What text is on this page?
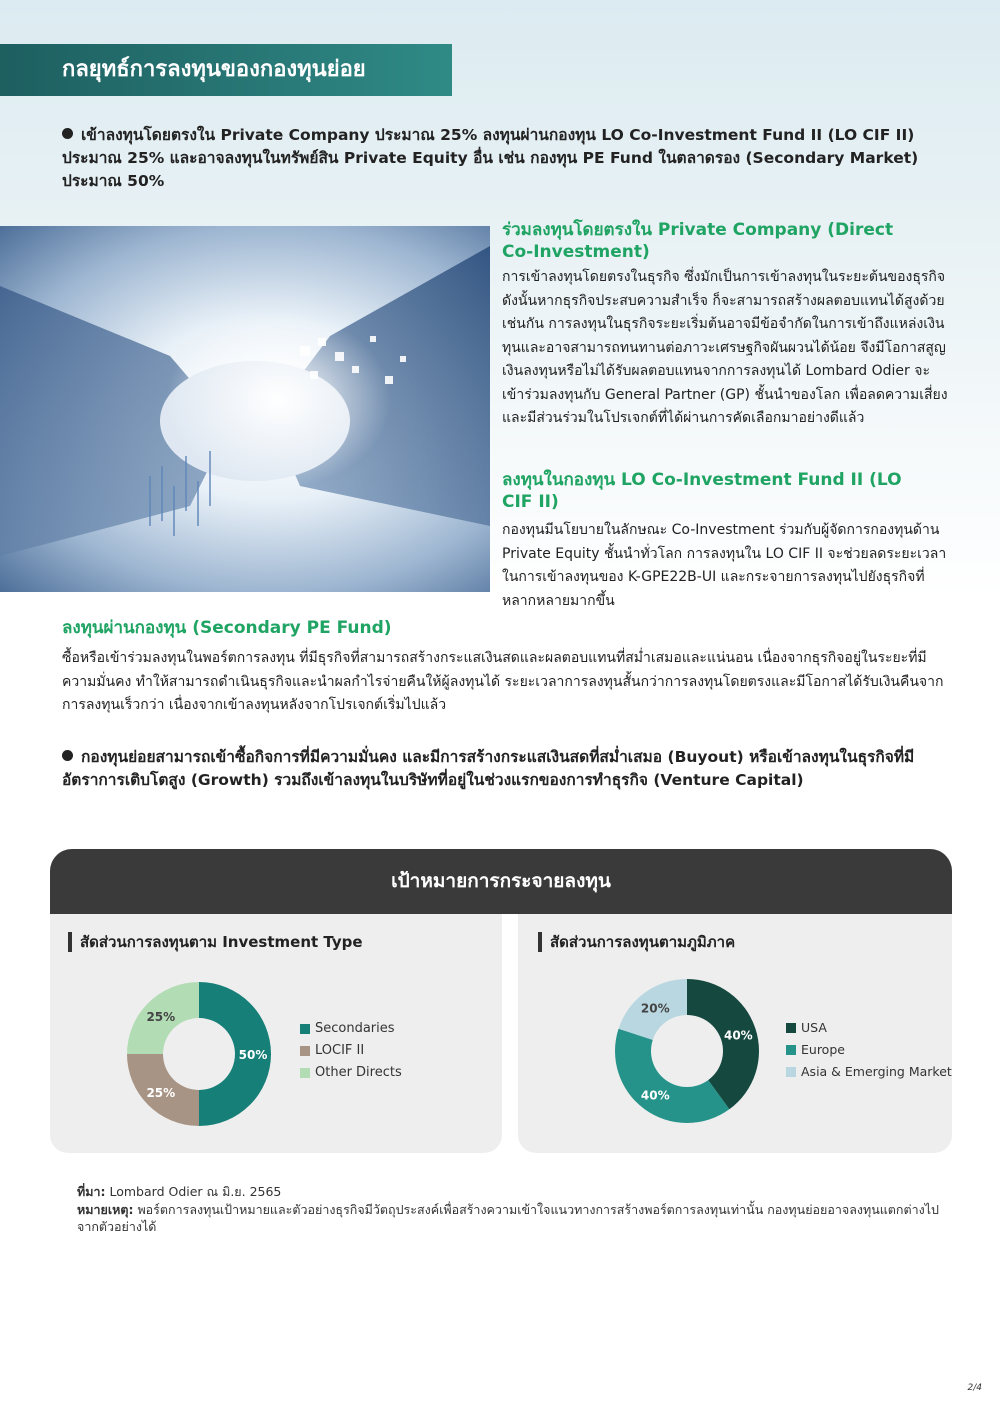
กลยุทธ์การลงทุนของกองทุนย่อย
เข้าลงทุนโดยตรงใน Private Company ประมาณ 25% ลงทุนผ่านกองทุน LO Co-Investment Fund II (LO CIF II) ประมาณ 25% และอาจลงทุนในทรัพย์สิน Private Equity อื่น เช่น กองทุน PE Fund ในตลาดรอง (Secondary Market) ประมาณ 50%
ร่วมลงทุนโดยตรงใน Private Company (Direct Co-Investment)
การเข้าลงทุนโดยตรงในธุรกิจ ซึ่งมักเป็นการเข้าลงทุนในระยะต้นของธุรกิจ ดังนั้นหากธุรกิจประสบความสำเร็จ ก็จะสามารถสร้างผลตอบแทนได้สูงด้วยเช่นกัน การลงทุนในธุรกิจระยะเริ่มต้นอาจมีข้อจำกัดในการเข้าถึงแหล่งเงินทุนและอาจสามารถทนทานต่อภาวะเศรษฐกิจผันผวนได้น้อย จึงมีโอกาสสูญเงินลงทุนหรือไม่ได้รับผลตอบแทนจากการลงทุนได้ Lombard Odier จะเข้าร่วมลงทุนกับ General Partner (GP) ชั้นนำของโลก เพื่อลดความเสี่ยงและมีส่วนร่วมในโปรเจกต์ที่ได้ผ่านการคัดเลือกมาอย่างดีแล้ว
ลงทุนในกองทุน LO Co-Investment Fund II (LO CIF II)
กองทุนมีนโยบายในลักษณะ Co-Investment ร่วมกับผู้จัดการกองทุนด้าน Private Equity ชั้นนำทั่วโลก การลงทุนใน LO CIF II จะช่วยลดระยะเวลาในการเข้าลงทุนของ K-GPE22B-UI และกระจายการลงทุนไปยังธุรกิจที่หลากหลายมากขึ้น
ลงทุนผ่านกองทุน (Secondary PE Fund)
ซื้อหรือเข้าร่วมลงทุนในพอร์ตการลงทุน ที่มีธุรกิจที่สามารถสร้างกระแสเงินสดและผลตอบแทนที่สม่ำเสมอและแน่นอน เนื่องจากธุรกิจอยู่ในระยะที่มีความมั่นคง ทำให้สามารถดำเนินธุรกิจและนำผลกำไรจ่ายคืนให้ผู้ลงทุนได้ ระยะเวลาการลงทุนสั้นกว่าการลงทุนโดยตรงและมีโอกาสได้รับเงินคืนจากการลงทุนเร็วกว่า เนื่องจากเข้าลงทุนหลังจากโปรเจกต์เริ่มไปแล้ว
กองทุนย่อยสามารถเข้าซื้อกิจการที่มีความมั่นคง และมีการสร้างกระแสเงินสดที่สม่ำเสมอ (Buyout) หรือเข้าลงทุนในธุรกิจที่มีอัตราการเติบโตสูง (Growth) รวมถึงเข้าลงทุนในบริษัทที่อยู่ในช่วงแรกของการทำธุรกิจ (Venture Capital)
เป้าหมายการกระจายลงทุน
สัดส่วนการลงทุนตาม Investment Type
50%
25%
25%
Secondaries
LOCIF II
Other Directs
สัดส่วนการลงทุนตามภูมิภาค
40%
40%
20%
USA
Europe
Asia & Emerging Market
ที่มา: Lombard Odier ณ มิ.ย. 2565
หมายเหตุ: พอร์ตการลงทุนเป้าหมายและตัวอย่างธุรกิจมีวัตถุประสงค์เพื่อสร้างความเข้าใจแนวทางการสร้างพอร์ตการลงทุนเท่านั้น กองทุนย่อยอาจลงทุนแตกต่างไปจากตัวอย่างได้
2/4
